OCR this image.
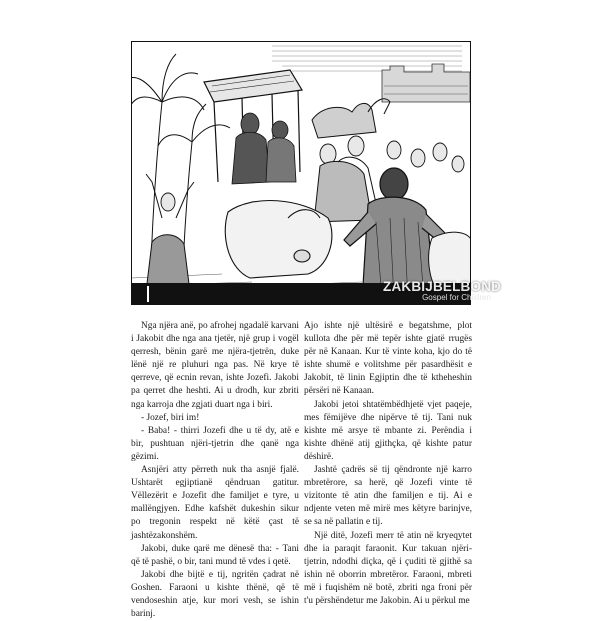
ZAKBIJBELBOND
Gospel for Children

Nga njëra anë, po afrohej ngadalë karvani i Jakobit dhe nga ana tjetër, një grup i vogël qerresh, bënin garë me njëra-tjetrën, duke lënë një re pluhuri nga pas. Në krye të qerreve, që ecnin revan, ishte Jozefi. Jakobi pa qerret dhe heshti. Ai u drodh, kur zbriti nga karroja dhe zgjati duart nga i biri.

- Jozef, biri im!

- Baba! - thirri Jozefi dhe u të dy, atë e bir, pushtuan njëri-tjetrin dhe qanë nga gëzimi.

Asnjëri atty përreth nuk tha asnjë fjalë. Ushtarët egjiptianë qëndruan gatitur. Vëllezërit e Jozefit dhe familjet e tyre, u mallëngjyen. Edhe kafshët dukeshin sikur po tregonin respekt në këtë çast të jashtëzakonshëm.

Jakobi, duke qarë me dënesë tha: - Tani që të pashë, o bir, tani mund të vdes i qetë.

Jakobi dhe bijtë e tij, ngritën çadrat në Goshen. Faraoni u kishte thënë, që të vendoseshin atje, kur mori vesh, se ishin barinj.

Ajo ishte një ultësirë e begatshme, plot kullota dhe për më tepër ishte gjatë rrugës për në Kanaan. Kur të vinte koha, kjo do të ishte shumë e volitshme për pasardhësit e Jakobit, të linin Egjiptin dhe të ktheheshin përsëri në Kanaan.

Jakobi jetoi shtatëmbëdhjetë vjet paqeje, mes fëmijëve dhe nipërve të tij. Tani nuk kishte më arsye të mbante zi. Perëndia i kishte dhënë atij gjithçka, që kishte patur dëshirë.

Jashtë çadrës së tij qëndronte një karro mbretërore, sa herë, që Jozefi vinte të vizitonte të atin dhe familjen e tij. Ai e ndjente veten më mirë mes këtyre barinjve, se sa në pallatin e tij.

Një ditë, Jozefi merr të atin në kryeqytet dhe ia paraqit faraonit. Kur takuan njëri-tjetrin, ndodhi diçka, që i çuditi të gjithë sa ishin në oborrin mbretëror. Faraoni, mbreti më i fuqishëm në botë, zbriti nga froni për t'u përshëndetur me Jakobin. Ai u përkul me
